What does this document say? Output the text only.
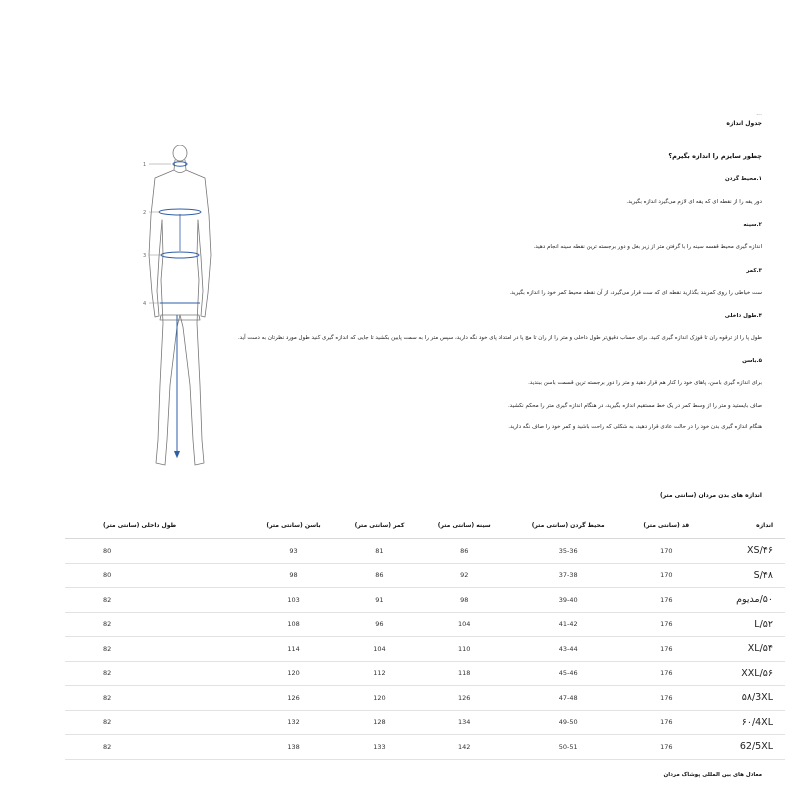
...
جدول اندازه
چطور سایزم را اندازه بگیرم؟
۱.محیط گردن
دور یقه را از نقطه ای که یقه ای لازم می‌گیرد اندازه بگیرید.
۲.سینه
اندازه گیری محیط قفسه سینه را با گرفتن متر از زیر بغل و دور برجسته ترین نقطه سینه انجام دهید.
۳.کمر
ست خیاطی را روی کمربند بگذارید نقطه ای که ست قرار می‌گیرد، از آن نقطه محیط کمر خود را اندازه بگیرید.
۴.طول داخلی
طول پا را از ترقوه ران تا قوزک اندازه گیری کنید. برای حساب دقیق‌تر طول داخلی و متر را از ران تا مچ پا در امتداد پای خود نگه دارید، سپس متر را به سمت پایین بکشید تا جایی که اندازه گیری کنید طول مورد نظرتان به دست آید.
۵.باسن
برای اندازه گیری باسن، پاهای خود را کنار هم قرار دهید و متر را دور برجسته ترین قسمت باسن ببندید.
صاف بایستید و متر را از وسط کمر در یک خط مستقیم اندازه بگیرید، در هنگام اندازه گیری متر را محکم نکشید.
هنگام اندازه گیری بدن خود را در حالت عادی قرار دهید، به شکلی که راحت باشید و کمر خود را صاف نگه دارید.
1
2
3
4
اندازه های بدن مردان (سانتی متر)
اندازه	قد (سانتی متر)	محیط گردن (سانتی متر)	سینه (سانتی متر)	کمر (سانتی متر)	باسن (سانتی متر)	طول داخلی (سانتی متر)
XS/۴۶	170	35-36	86	81	93	80
S/۴۸	170	37-38	92	86	98	80
۵۰/مدیوم	176	39-40	98	91	103	82
L/۵۲	176	41-42	104	96	108	82
XL/۵۴	176	43-44	110	104	114	82
XXL/۵۶	176	45-46	118	112	120	82
۵۸/3XL	176	47-48	126	120	126	82
۶۰/4XL	176	49-50	134	128	132	82
62/5XL	176	50-51	142	133	138	82
معادل های بین المللی پوشاک مردان
